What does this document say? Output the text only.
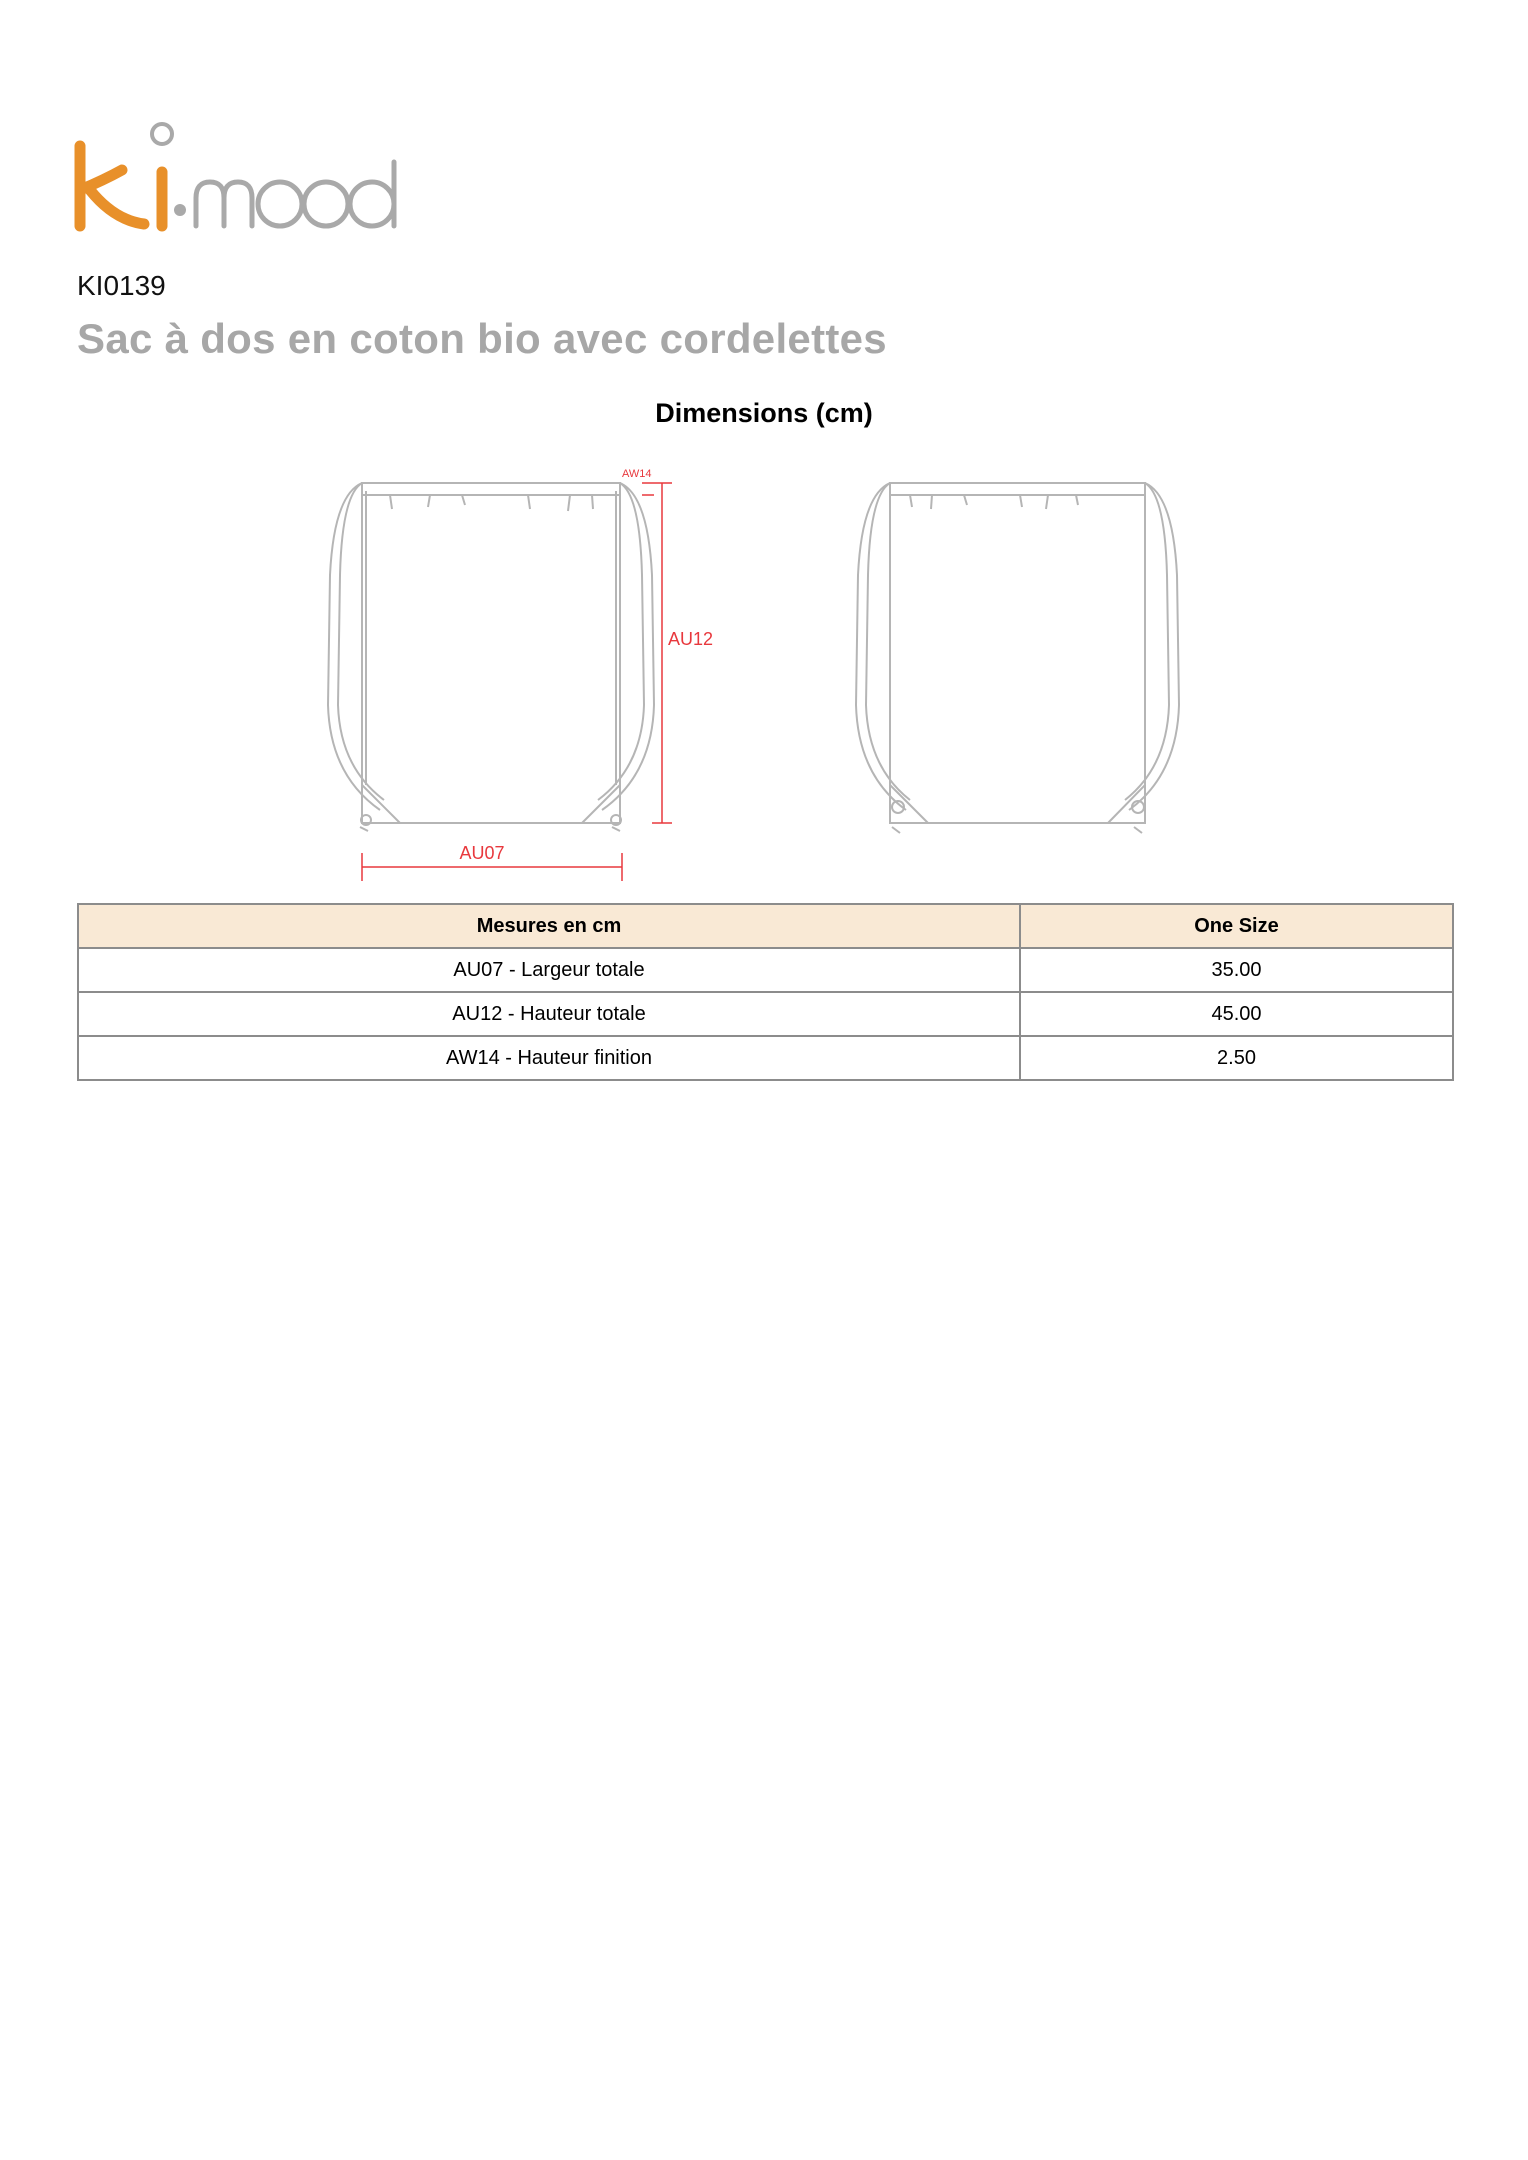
KI0139
Sac à dos en coton bio avec cordelettes
Dimensions (cm)
AU07
AU12
AW14
Mesures en cm	One Size
AU07 - Largeur totale	35.00
AU12 - Hauteur totale	45.00
AW14 - Hauteur finition	2.50
